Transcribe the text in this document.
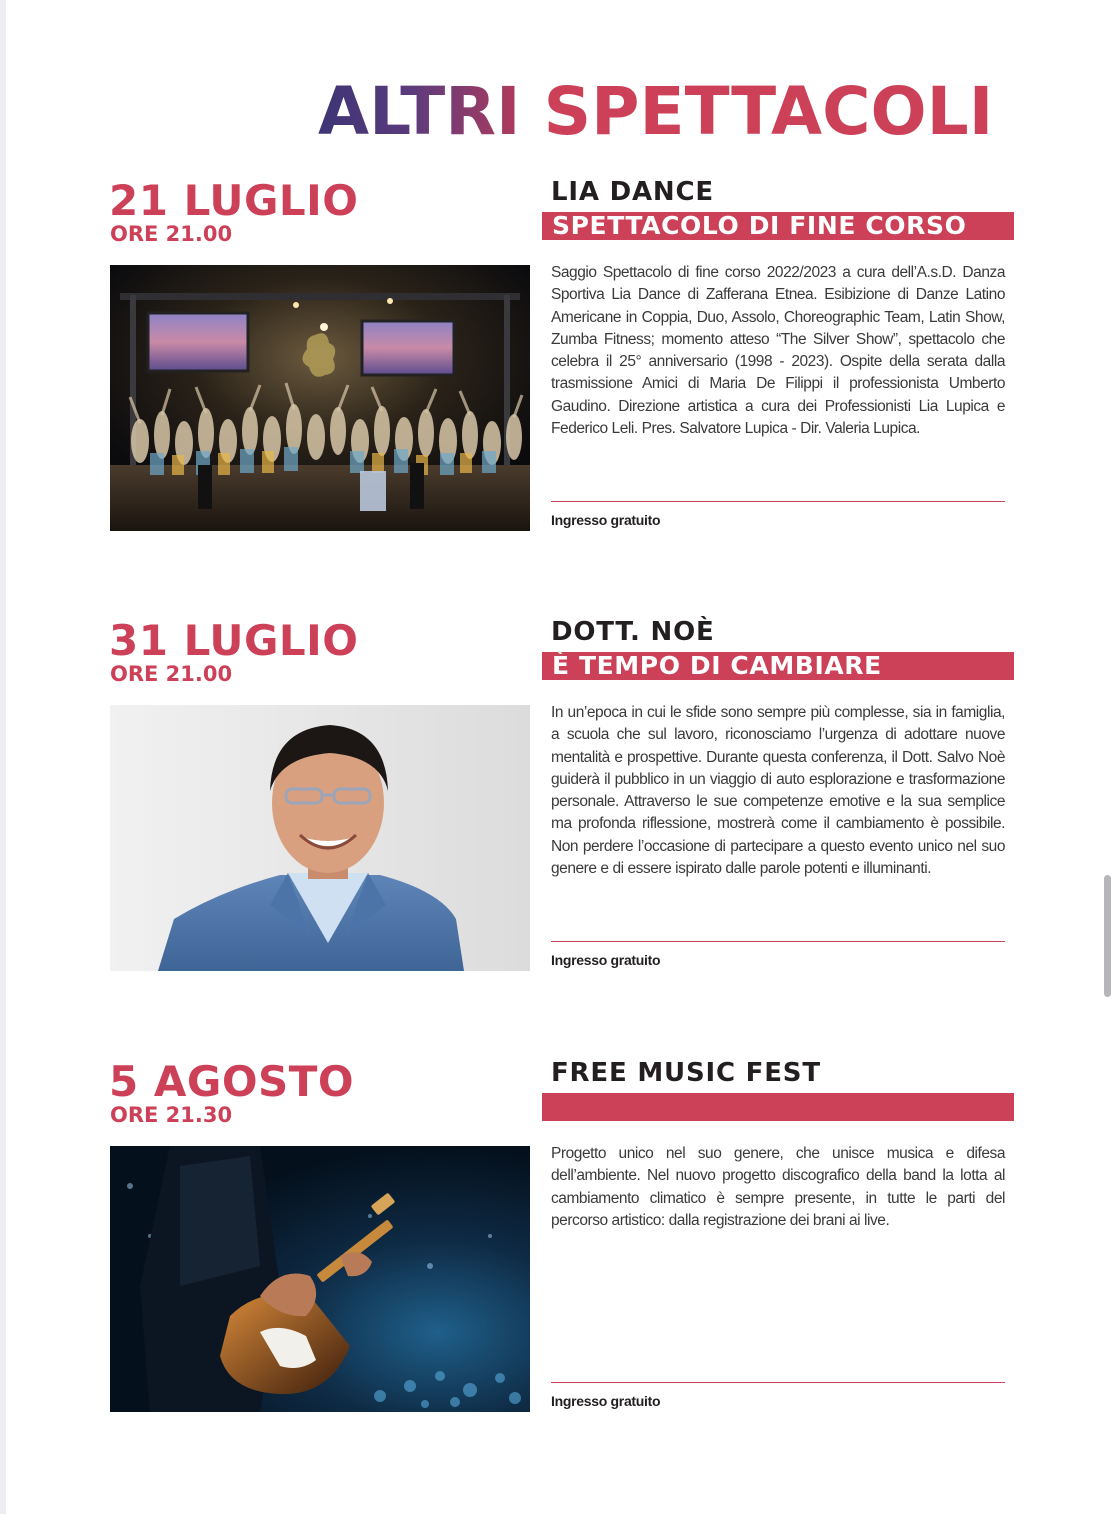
ALTRI SPETTACOLI
21 LUGLIO
ORE 21.00
LIA DANCE
SPETTACOLO DI FINE CORSO

Saggio Spettacolo di fine corso 2022/2023 a cura dell’A.s.D. Danza Sportiva Lia Dance di Zafferana Etnea. Esibizione di Danze Latino Americane in Coppia, Duo, Assolo, Choreographic Team, Latin Show, Zumba Fitness; momento atteso “The Silver Show”, spettacolo che celebra il 25° anniversario (1998 - 2023). Ospite della serata dalla trasmissione Amici di Maria De Filippi il professionista Umberto Gaudino. Direzione artistica a cura dei Professionisti Lia Lupica e Federico Leli. Pres. Salvatore Lupica - Dir. Valeria Lupica.

Ingresso gratuito
31 LUGLIO
ORE 21.00
DOTT. NOÈ
È TEMPO DI CAMBIARE

In un’epoca in cui le sfide sono sempre più complesse, sia in famiglia, a scuola che sul lavoro, riconosciamo l’urgenza di adottare nuove mentalità e prospettive. Durante questa conferenza, il Dott. Salvo Noè guiderà il pubblico in un viaggio di auto esplorazione e trasformazione personale. Attraverso le sue competenze emotive e la sua semplice ma profonda riflessione, mostrerà come il cambiamento è possibile. Non perdere l’occasione di partecipare a questo evento unico nel suo genere e di essere ispirato dalle parole potenti e illuminanti.

Ingresso gratuito
5 AGOSTO
ORE 21.30
FREE MUSIC FEST

Progetto unico nel suo genere, che unisce musica e difesa dell’ambiente. Nel nuovo progetto discografico della band la lotta al cambiamento climatico è sempre presente, in tutte le parti del percorso artistico: dalla registrazione dei brani ai live.

Ingresso gratuito
